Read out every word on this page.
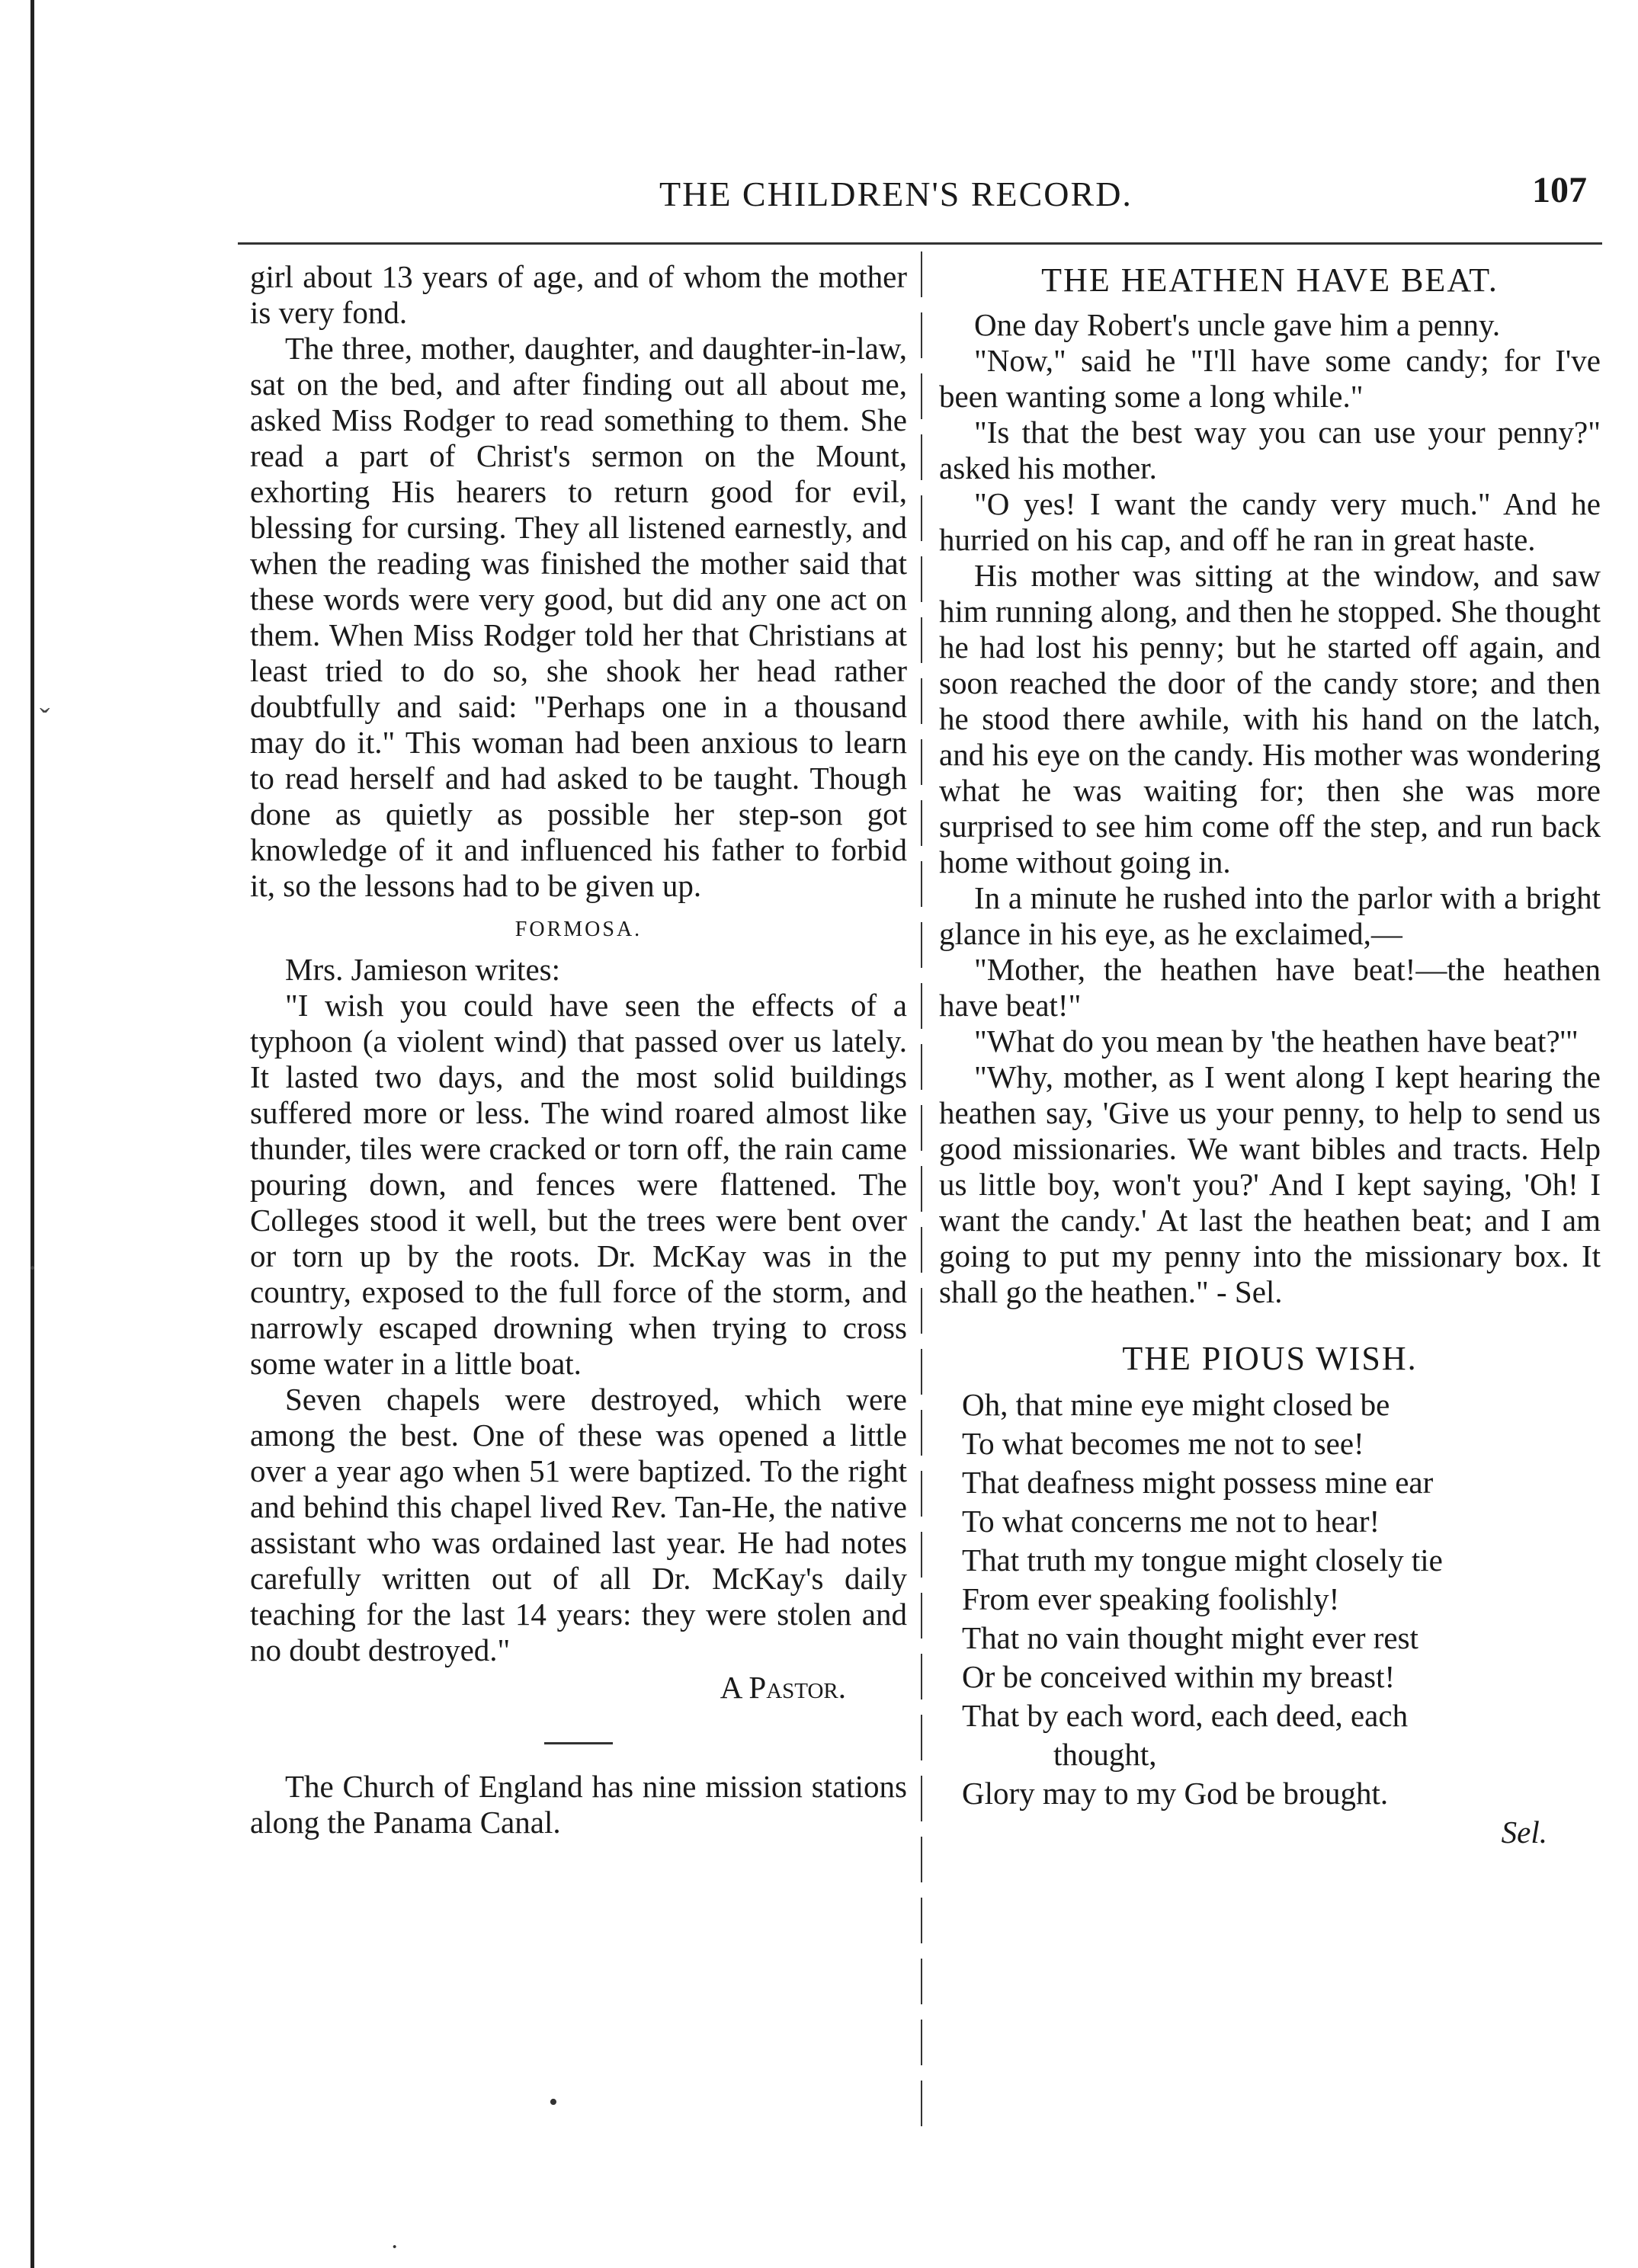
ˇ
·
THE CHILDREN'S RECORD.	107

girl about 13 years of age, and of whom the mother is very fond.

The three, mother, daughter, and daughter-in-law, sat on the bed, and after finding out all about me, asked Miss Rodger to read something to them. She read a part of Christ's sermon on the Mount, exhorting His hearers to return good for evil, blessing for cursing. They all listened earnestly, and when the reading was finished the mother said that these words were very good, but did any one act on them. When Miss Rodger told her that Christians at least tried to do so, she shook her head rather doubtfully and said: "Perhaps one in a thousand may do it." This woman had been anxious to learn to read herself and had asked to be taught. Though done as quietly as possible her step-son got knowledge of it and influenced his father to forbid it, so the lessons had to be given up.

FORMOSA.

Mrs. Jamieson writes:

"I wish you could have seen the effects of a typhoon (a violent wind) that passed over us lately. It lasted two days, and the most solid buildings suffered more or less. The wind roared almost like thunder, tiles were cracked or torn off, the rain came pouring down, and fences were flattened. The Colleges stood it well, but the trees were bent over or torn up by the roots. Dr. McKay was in the country, exposed to the full force of the storm, and narrowly escaped drowning when trying to cross some water in a little boat.

Seven chapels were destroyed, which were among the best. One of these was opened a little over a year ago when 51 were baptized. To the right and behind this chapel lived Rev. Tan-He, the native assistant who was ordained last year. He had notes carefully written out of all Dr. McKay's daily teaching for the last 14 years: they were stolen and no doubt destroyed."

A Pastor.

The Church of England has nine mission stations along the Panama Canal.

THE HEATHEN HAVE BEAT.

One day Robert's uncle gave him a penny.

"Now," said he "I'll have some candy; for I've been wanting some a long while."

"Is that the best way you can use your penny?" asked his mother.

"O yes! I want the candy very much." And he hurried on his cap, and off he ran in great haste.

His mother was sitting at the window, and saw him running along, and then he stopped. She thought he had lost his penny; but he started off again, and soon reached the door of the candy store; and then he stood there awhile, with his hand on the latch, and his eye on the candy. His mother was wondering what he was waiting for; then she was more surprised to see him come off the step, and run back home without going in.

In a minute he rushed into the parlor with a bright glance in his eye, as he exclaimed,—

"Mother, the heathen have beat!—the heathen have beat!"

"What do you mean by 'the heathen have beat?'"

"Why, mother, as I went along I kept hearing the heathen say, 'Give us your penny, to help to send us good missionaries. We want bibles and tracts. Help us little boy, won't you?' And I kept saying, 'Oh! I want the candy.' At last the heathen beat; and I am going to put my penny into the missionary box. It shall go the heathen." - Sel.

THE PIOUS WISH.

Oh, that mine eye might closed be

To what becomes me not to see!

That deafness might possess mine ear

To what concerns me not to hear!

That truth my tongue might closely tie

From ever speaking foolishly!

That no vain thought might ever rest

Or be conceived within my breast!

That by each word, each deed, each

thought,

Glory may to my God be brought.

Sel.

•
·
